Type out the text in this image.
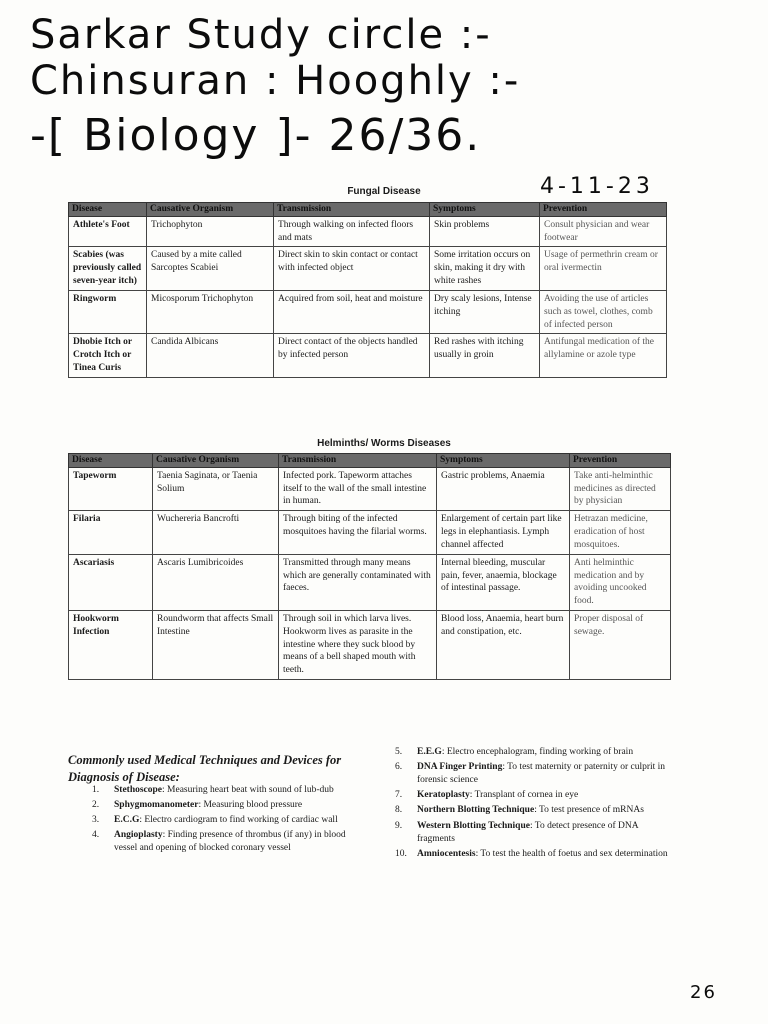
Sarkar Study circle :-
Chinsuran : Hooghly :-
-[ Biology ]- 26/36.
4-11-23
Fungal Disease
Disease	Causative Organism	Transmission	Symptoms	Prevention
Athlete's Foot	Trichophyton	Through walking on infected floors and mats	Skin problems	Consult physician and wear footwear
Scabies (was previously called seven-year itch)	Caused by a mite called Sarcoptes Scabiei	Direct skin to skin contact or contact with infected object	Some irritation occurs on skin, making it dry with white rashes	Usage of permethrin cream or oral ivermectin
Ringworm	Micosporum Trichophyton	Acquired from soil, heat and moisture	Dry scaly lesions, Intense itching	Avoiding the use of articles such as towel, clothes, comb of infected person
Dhobie Itch or Crotch Itch or Tinea Curis	Candida Albicans	Direct contact of the objects handled by infected person	Red rashes with itching usually in groin	Antifungal medication of the allylamine or azole type
Helminths/ Worms Diseases
Disease	Causative Organism	Transmission	Symptoms	Prevention
Tapeworm	Taenia Saginata, or Taenia Solium	Infected pork. Tapeworm attaches itself to the wall of the small intestine in human.	Gastric problems, Anaemia	Take anti-helminthic medicines as directed by physician
Filaria	Wuchereria Bancrofti	Through biting of the infected mosquitoes having the filarial worms.	Enlargement of certain part like legs in elephantiasis. Lymph channel affected	Hetrazan medicine, eradication of host mosquitoes.
Ascariasis	Ascaris Lumibricoides	Transmitted through many means which are generally contaminated with faeces.	Internal bleeding, muscular pain, fever, anaemia, blockage of intestinal passage.	Anti helminthic medication and by avoiding uncooked food.
Hookworm Infection	Roundworm that affects Small Intestine	Through soil in which larva lives. Hookworm lives as parasite in the intestine where they suck blood by means of a bell shaped mouth with teeth.	Blood loss, Anaemia, heart burn and constipation, etc.	Proper disposal of sewage.
Commonly used Medical Techniques and Devices for Diagnosis of Disease:
1. Stethoscope: Measuring heart beat with sound of lub-dub
2. Sphygmomanometer: Measuring blood pressure
3. E.C.G: Electro cardiogram to find working of cardiac wall
4. Angioplasty: Finding presence of thrombus (if any) in blood vessel and opening of blocked coronary vessel
5. E.E.G: Electro encephalogram, finding working of brain
6. DNA Finger Printing: To test maternity or paternity or culprit in forensic science
7. Keratoplasty: Transplant of cornea in eye
8. Northern Blotting Technique: To test presence of mRNAs
9. Western Blotting Technique: To detect presence of DNA fragments
10. Amniocentesis: To test the health of foetus and sex determination
26
